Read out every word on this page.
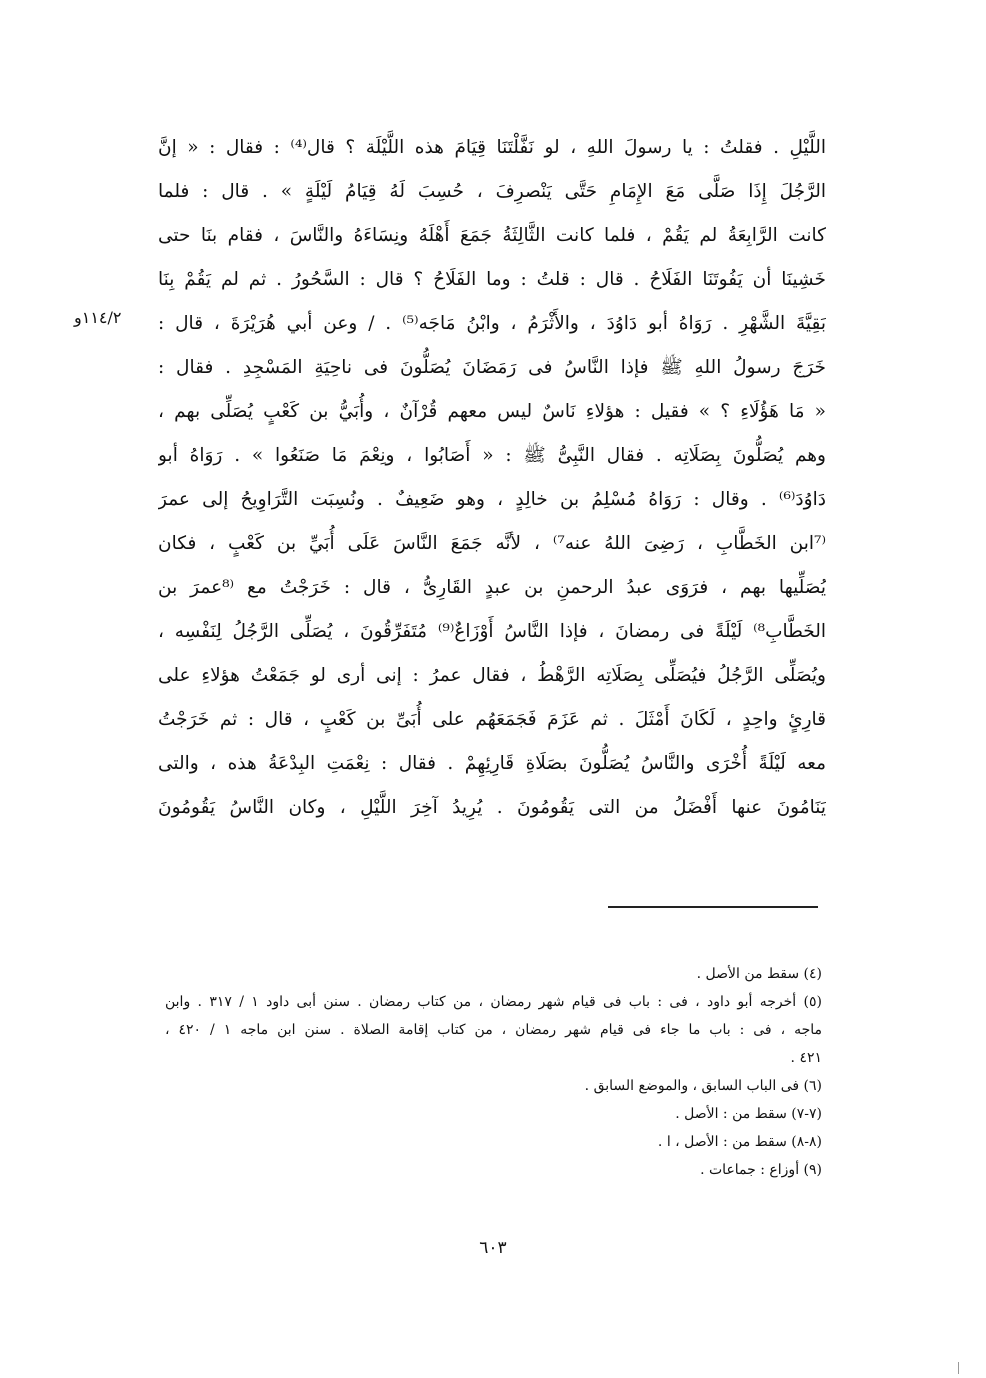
١١٤/٢و
اللَّيْلِ . فقلتُ : يا رسولَ اللهِ ، لو نَفَّلْتَنَا قِيَامَ هذه اللَّيْلَة ؟ قال⁽⁴⁾ : فقال : « إنَّ
الرَّجُلَ إِذَا صَلَّى مَعَ الإِمَامِ حَتَّى يَنْصرِفَ ، حُسِبَ لَهُ قِيَامُ لَيْلَةٍ » . قال : فلما
كانت الرَّابِعَةُ لم يَقُمْ ، فلما كانت الثَّالِثَةُ جَمَعَ أَهْلَهُ ونِسَاءَهُ والنَّاسَ ، فقام بنَا حتى
خَشِينَا أن يَفُوتَنَا الفَلَاحُ . قال : قلتُ : وما الفَلَاحُ ؟ قال : السَّحُورُ . ثم لم يَقُمْ بِنَا
بَقِيَّةَ الشَّهْرِ . رَوَاهُ أبو دَاوُدَ ، والأَثْرَمُ ، وابْنُ مَاجَه⁽⁵⁾ . / وعن أبي هُرَيْرَةَ ، قال :
خَرَجَ رسولُ اللهِ ﷺ فإذا النَّاسُ فى رَمَضَانَ يُصَلُّونَ فى ناحِيَةِ المَسْجِدِ . فقال :
« مَا هَؤُلَاءِ ؟ » فقيل : هؤلاءِ نَاسٌ ليس معهم قُرْآنٌ ، وأُبَيُّ بن كَعْبٍ يُصَلِّى بهم ،
وهم يُصَلُّونَ بِصَلَاتِه . فقال النَّبِىُّ ﷺ : « أَصَابُوا ، ونِعْمَ مَا صَنَعُوا » . رَوَاهُ أبو
دَاوُدَ⁽⁶⁾ . وقال : رَوَاهُ مُسْلِمُ بن خالِدٍ ، وهو ضَعِيفٌ . ونُسِبَت التَّرَاوِيحُ إلى عمرَ
⁽⁷ابن الخَطَّابِ ، رَضِىَ اللهُ عنه⁷⁾ ، لأنَّه جَمَعَ النَّاسَ عَلَى أُبَيِّ بن كَعْبٍ ، فكان
يُصَلِّيها بهم ، فرَوَى عبدُ الرحمنِ بن عبدٍ القَارِىُّ ، قال : خَرَجْتُ مع ⁽⁸عمرَ بن
الخَطَّابِ⁸⁾ لَيْلَةً فى رمضانَ ، فإذا النَّاسُ أَوْزَاعٌ⁽⁹⁾ مُتَفَرِّقُونَ ، يُصَلِّى الرَّجُلُ لِنَفْسِه ،
ويُصَلِّى الرَّجُلُ فيُصَلِّى بِصَلَاتِه الرَّهْطُ ، فقال عمرُ : إنى أرى لو جَمَعْتُ هؤلاءِ على
قارِئٍ واحِدٍ ، لَكَانَ أَمْثَلَ . ثم عَزَمَ فَجَمَعَهُم على أُبَىِّ بن كَعْبٍ ، قال : ثم خَرَجْتُ
معه لَيْلَةً أُخْرَى والنَّاسُ يُصَلُّونَ بصَلَاةِ قَارِئِهِمْ . فقال : نِعْمَتِ البِدْعَةُ هذه ، والتى
يَنَامُونَ عنها أَفْضَلُ من التى يَقُومُونَ . يُرِيدُ آخِرَ اللَّيْلِ ، وكان النَّاسُ يَقُومُونَ
(٤) سقط من الأصل .
(٥) أخرجه أبو داود ، فى : باب فى قيام شهر رمضان ، من كتاب رمضان . سنن أبى داود ١ / ٣١٧ . وابن
ماجه ، فى : باب ما جاء فى قيام شهر رمضان ، من كتاب إقامة الصلاة . سنن ابن ماجه ١ / ٤٢٠ ،
٤٢١ .
(٦) فى الباب السابق ، والموضع السابق .
(٧-٧) سقط من : الأصل .
(٨-٨) سقط من : الأصل ، ا .
(٩) أوزاع : جماعات .
٦٠٣
